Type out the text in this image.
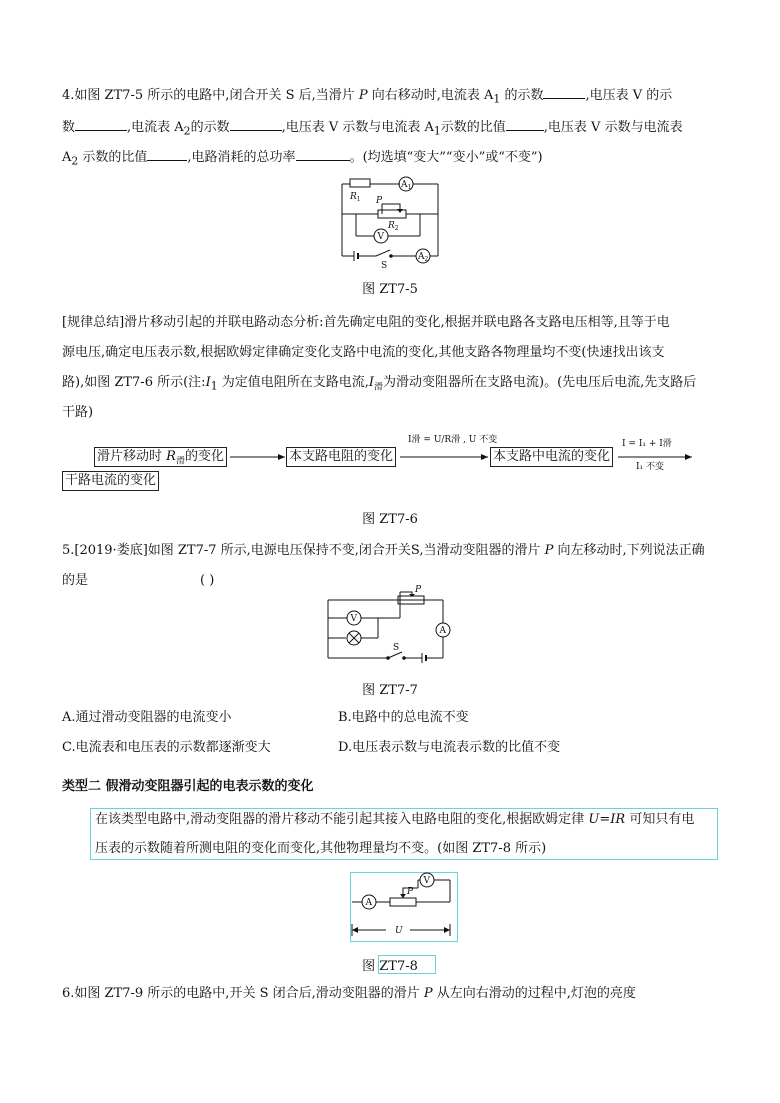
4.如图 ZT7-5 所示的电路中,闭合开关 S 后,当滑片 P 向右移动时,电流表 $A_1$ 的示数	,电压表 V 的示
数	,电流表 $A_2$的示数	,电压表 V 示数与电流表 $A_1$示数的比值	,电压表 V 示数与电流表
$A_2$ 示数的比值	,电路消耗的总功率	。(均选填“变大”“变小”或“不变”)
$R_1$
$A_1$
P
$R_2$
V
S
$A_2$
图 ZT7-5
[规律总结]滑片移动引起的并联电路动态分析:首先确定电阻的变化,根据并联电路各支路电压相等,且等于电
源电压,确定电压表示数,根据欧姆定律确定变化支路中电流的变化,其他支路各物理量均不变(快速找出该支
路),如图 ZT7-6 所示(注$:I_1$ 为定值电阻所在支路电流$,I_滑$为滑动变阻器所在支路电流)。(先电压后电流,先支路后
干路)
滑片移动时 $R_滑$的变化	本支路电阻的变化
I滑 = U/R滑 , U 不变
本支路中电流的变化
I = I₁ + I滑
I₁ 不变
干路电流的变化
图 ZT7-6
5.[2019·娄底]如图 ZT7-7 所示,电源电压保持不变,闭合开关S,当滑动变阻器的滑片 P 向左移动时,下列说法正确
的是	( )
V
A
P
S
图 ZT7-7
A.通过滑动变阻器的电流变小	B.电路中的总电流不变
C.电流表和电压表的示数都逐渐变大	D.电压表示数与电流表示数的比值不变
类型二 假滑动变阻器引起的电表示数的变化
在该类型电路中,滑动变阻器的滑片移动不能引起其接入电路电阻的变化,根据欧姆定律 U=IR 可知只有电
压表的示数随着所测电阻的变化而变化,其他物理量均不变。(如图 ZT7-8 所示)
A
V
P
U
图 ZT7-8
6.如图 ZT7-9 所示的电路中,开关 S 闭合后,滑动变阻器的滑片 P 从左向右滑动的过程中,灯泡的亮度
